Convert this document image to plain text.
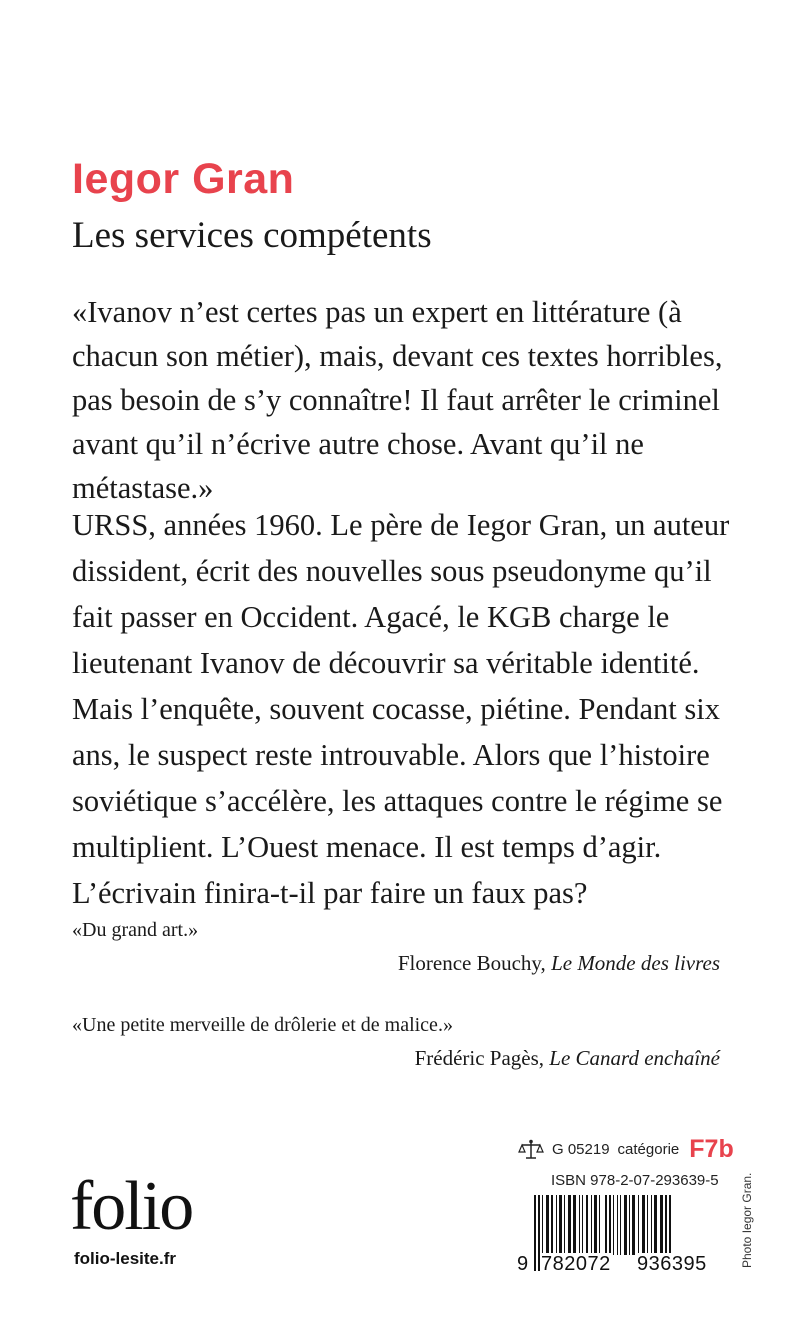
Iegor Gran
Les services compétents

«Ivanov n’est certes pas un expert en littérature (à chacun son métier), mais, devant ces textes horribles, pas besoin de s’y connaître! Il faut arrêter le criminel avant qu’il n’écrive autre chose. Avant qu’il ne métastase.»

URSS, années 1960. Le père de Iegor Gran, un auteur dissident, écrit des nouvelles sous pseudonyme qu’il fait passer en Occident. Agacé, le KGB charge le lieutenant Ivanov de découvrir sa véritable identité. Mais l’enquête, souvent cocasse, piétine. Pendant six ans, le suspect reste introuvable. Alors que l’histoire soviétique s’accélère, les attaques contre le régime se multiplient. L’Ouest menace. Il est temps d’agir. L’écrivain finira-t-il par faire un faux pas?

«Du grand art.»

Florence Bouchy, Le Monde des livres

«Une petite merveille de drôlerie et de malice.»

Frédéric Pagès, Le Canard enchaîné

folio
folio-lesite.fr
G 05219 catégorie F7b
ISBN 978-2-07-293639-5
9 782072 936395	Photo Iegor Gran.
